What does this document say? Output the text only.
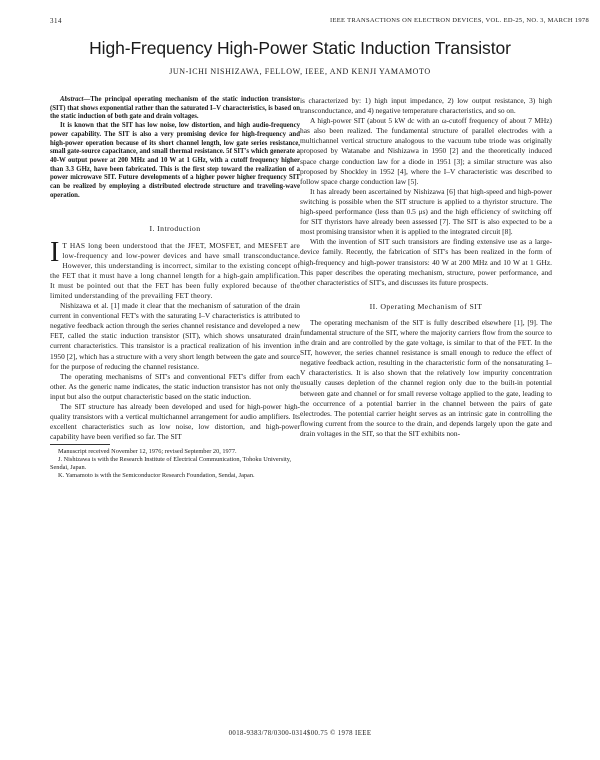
314	IEEE TRANSACTIONS ON ELECTRON DEVICES, VOL. ED-25, NO. 3, MARCH 1978
High-Frequency High-Power Static Induction Transistor
JUN-ICHI NISHIZAWA, FELLOW, IEEE, AND KENJI YAMAMOTO

Abstract—The principal operating mechanism of the static induction transistor (SIT) that shows exponential rather than the saturated I–V characteristics, is based on the static induction of both gate and drain voltages.

It is known that the SIT has low noise, low distortion, and high audio-frequency power capability. The SIT is also a very promising device for high-frequency and high-power operation because of its short channel length, low gate series resistance, small gate-source capacitance, and small thermal resistance. 5f SIT's which generate a 40-W output power at 200 MHz and 10 W at 1 GHz, with a cutoff frequency higher than 3.3 GHz, have been fabricated. This is the first step toward the realization of a power microwave SIT. Future developments of a higher power higher frequency SIT can be realized by employing a distributed electrode structure and traveling-wave operation.

I. Introduction

I T HAS long been understood that the JFET, MOSFET, and MESFET are low-frequency and low-power devices and have small transconductance. However, this understanding is incorrect, similar to the existing concept of the FET that it must have a long channel length for a high-gain amplification. It must be pointed out that the FET has been fully explored because of the limited understanding of the prevailing FET theory.

Nishizawa et al. [1] made it clear that the mechanism of saturation of the drain current in conventional FET's with the saturating I–V characteristics is attributed to negative feedback action through the series channel resistance and developed a new FET, called the static induction transistor (SIT), which shows unsaturated drain current characteristics. This transistor is a practical realization of his invention in 1950 [2], which has a structure with a very short length between the gate and source for the purpose of reducing the channel resistance.

The operating mechanisms of SIT's and conventional FET's differ from each other. As the generic name indicates, the static induction transistor has not only the input but also the output characteristic based on the static induction.

The SIT structure has already been developed and used for high-power high-quality transistors with a vertical multichannel arrangement for audio amplifiers. Its excellent characteristics such as low noise, low distortion, and high-power capability have been verified so far. The SIT

Manuscript received November 12, 1976; revised September 20, 1977.

J. Nishizawa is with the Research Institute of Electrical Communication, Tohoku University, Sendai, Japan.

K. Yamamoto is with the Semiconductor Research Foundation, Sendai, Japan.

is characterized by: 1) high input impedance, 2) low output resistance, 3) high transconductance, and 4) negative temperature characteristics, and so on.

A high-power SIT (about 5 kW dc with an ω-cutoff frequency of about 7 MHz) has also been realized. The fundamental structure of parallel electrodes with a multichannel vertical structure analogous to the vacuum tube triode was originally proposed by Watanabe and Nishizawa in 1950 [2] and the theoretically induced space charge conduction law for a diode in 1951 [3]; a similar structure was also proposed by Shockley in 1952 [4], where the I–V characteristic was described to follow space charge conduction law [5].

It has already been ascertained by Nishizawa [6] that high-speed and high-power switching is possible when the SIT structure is applied to a thyristor structure. The high-speed performance (less than 0.5 μs) and the high efficiency of switching off for SIT thyristors have already been assessed [7]. The SIT is also expected to be a most promising transistor when it is applied to the integrated circuit [8].

With the invention of SIT such transistors are finding extensive use as a large-device family. Recently, the fabrication of SIT's has been realized in the form of high-frequency and high-power transistors: 40 W at 200 MHz and 10 W at 1 GHz. This paper describes the operating mechanism, structure, power performance, and other characteristics of SIT's, and discusses its future prospects.

II. Operating Mechanism of SIT

The operating mechanism of the SIT is fully described elsewhere [1], [9]. The fundamental structure of the SIT, where the majority carriers flow from the source to the drain and are controlled by the gate voltage, is similar to that of the FET. In the SIT, however, the series channel resistance is small enough to reduce the effect of negative feedback action, resulting in the characteristic form of the nonsaturating I–V characteristics. It is also shown that the relatively low impurity concentration usually causes depletion of the channel region only due to the built-in potential between gate and channel or for small reverse voltage applied to the gate, leading to the occurrence of a potential barrier in the channel between the pairs of gate electrodes. The potential carrier height serves as an intrinsic gate in controlling the flowing current from the source to the drain, and depends largely upon the gate and drain voltages in the SIT, so that the SIT exhibits non-

0018-9383/78/0300-0314$00.75 © 1978 IEEE
